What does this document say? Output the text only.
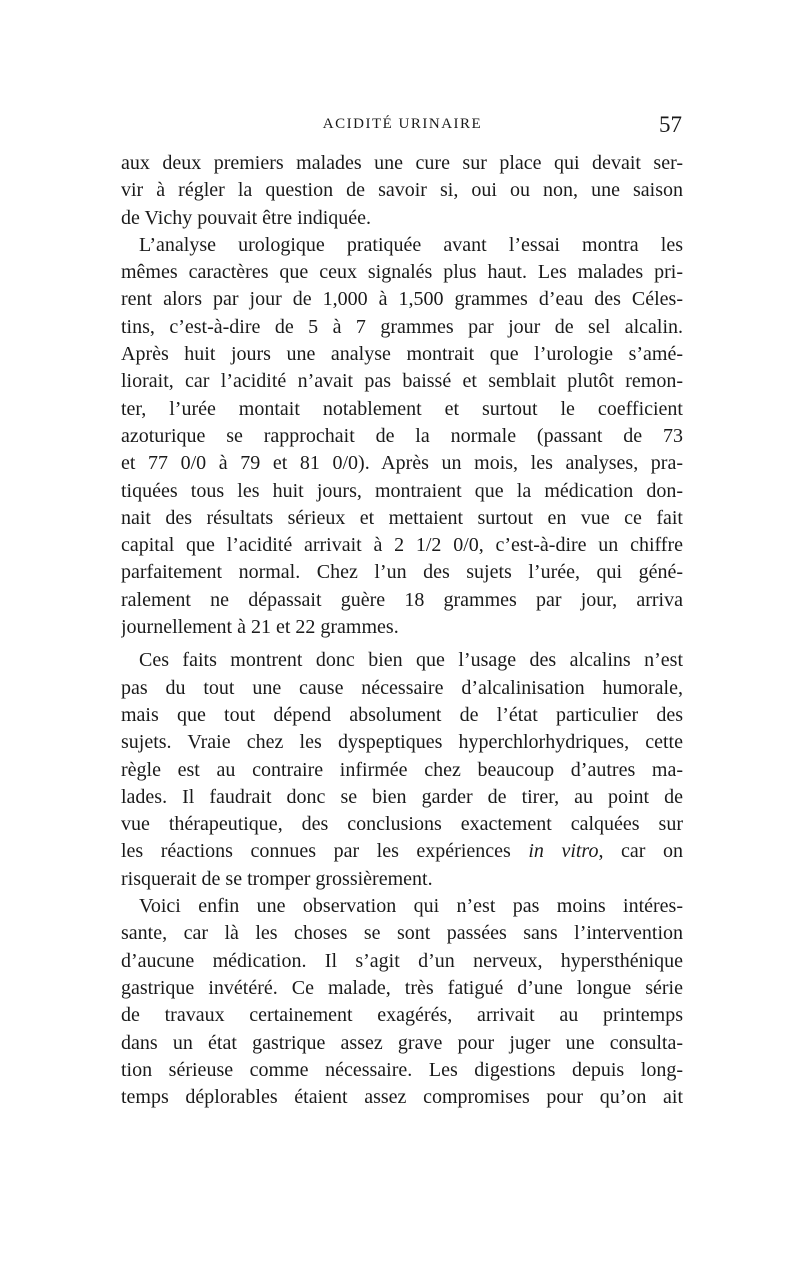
ACIDITÉ URINAIRE	57
aux deux premiers malades une cure sur place qui devait ser-
vir à régler la question de savoir si, oui ou non, une saison
de Vichy pouvait être indiquée.
L’analyse urologique pratiquée avant l’essai montra les
mêmes caractères que ceux signalés plus haut. Les malades pri-
rent alors par jour de 1,000 à 1,500 grammes d’eau des Céles-
tins, c’est-à-dire de 5 à 7 grammes par jour de sel alcalin.
Après huit jours une analyse montrait que l’urologie s’amé-
liorait, car l’acidité n’avait pas baissé et semblait plutôt remon-
ter, l’urée montait notablement et surtout le coefficient
azoturique se rapprochait de la normale (passant de 73
et 77 0/0 à 79 et 81 0/0). Après un mois, les analyses, pra-
tiquées tous les huit jours, montraient que la médication don-
nait des résultats sérieux et mettaient surtout en vue ce fait
capital que l’acidité arrivait à 2 1/2 0/0, c’est-à-dire un chiffre
parfaitement normal. Chez l’un des sujets l’urée, qui géné-
ralement ne dépassait guère 18 grammes par jour, arriva
journellement à 21 et 22 grammes.
Ces faits montrent donc bien que l’usage des alcalins n’est
pas du tout une cause nécessaire d’alcalinisation humorale,
mais que tout dépend absolument de l’état particulier des
sujets. Vraie chez les dyspeptiques hyperchlorhydriques, cette
règle est au contraire infirmée chez beaucoup d’autres ma-
lades. Il faudrait donc se bien garder de tirer, au point de
vue thérapeutique, des conclusions exactement calquées sur
les réactions connues par les expériences in vitro, car on
risquerait de se tromper grossièrement.
Voici enfin une observation qui n’est pas moins intéres-
sante, car là les choses se sont passées sans l’intervention
d’aucune médication. Il s’agit d’un nerveux, hypersthénique
gastrique invétéré. Ce malade, très fatigué d’une longue série
de travaux certainement exagérés, arrivait au printemps
dans un état gastrique assez grave pour juger une consulta-
tion sérieuse comme nécessaire. Les digestions depuis long-
temps déplorables étaient assez compromises pour qu’on ait
